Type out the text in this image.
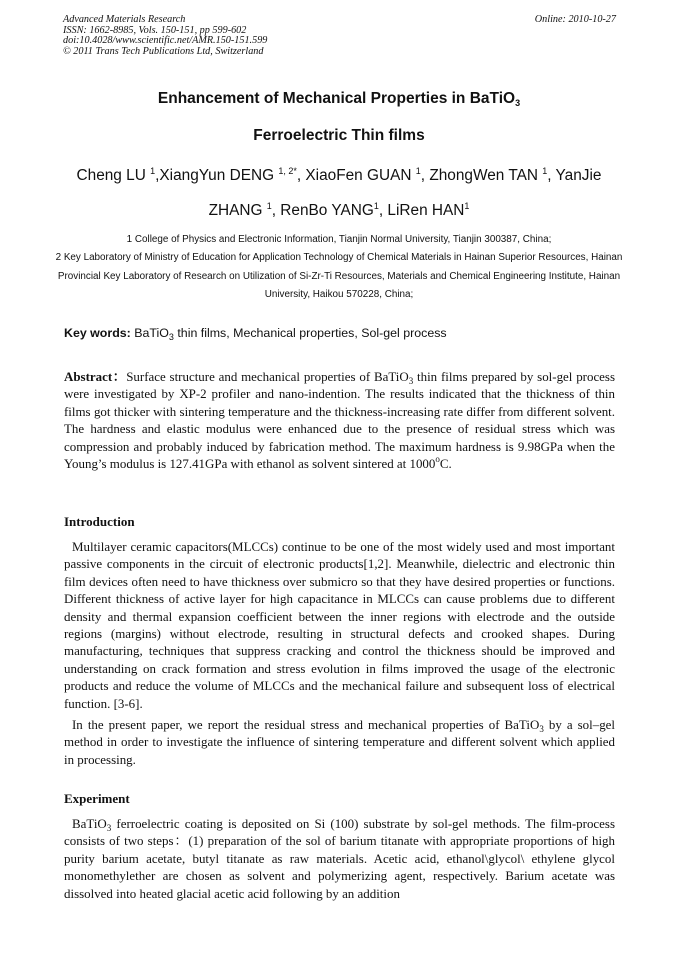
Advanced Materials Research
ISSN: 1662-8985, Vols. 150-151, pp 599-602
doi:10.4028/www.scientific.net/AMR.150-151.599
© 2011 Trans Tech Publications Ltd, Switzerland
Online: 2010-10-27
Enhancement of Mechanical Properties in BaTiO$_3$
Ferroelectric Thin films
Cheng LU $^1$,XiangYun DENG $^{1, 2*}$, XiaoFen GUAN $^1$, ZhongWen TAN $^1$, YanJie
ZHANG $^1$, RenBo YANG$^1$, LiRen HAN$^1$
1 College of Physics and Electronic Information, Tianjin Normal University, Tianjin 300387, China;
2 Key Laboratory of Ministry of Education for Application Technology of Chemical Materials in Hainan Superior Resources, Hainan Provincial Key Laboratory of Research on Utilization of Si-Zr-Ti Resources, Materials and Chemical Engineering Institute, Hainan University, Haikou 570228, China;
Key words: BaTiO$_3$ thin films, Mechanical properties, Sol-gel process
Abstract：Surface structure and mechanical properties of BaTiO$_3$ thin films prepared by sol-gel process were investigated by XP-2 profiler and nano-indention. The results indicated that the thickness of thin films got thicker with sintering temperature and the thickness-increasing rate differ from different solvent. The hardness and elastic modulus were enhanced due to the presence of residual stress which was compression and probably induced by fabrication method. The maximum hardness is 9.98GPa when the Young’s modulus is 127.41GPa with ethanol as solvent sintered at 1000$^o$C.
Introduction
Multilayer ceramic capacitors(MLCCs) continue to be one of the most widely used and most important passive components in the circuit of electronic products[1,2]. Meanwhile, dielectric and electronic thin film devices often need to have thickness over submicro so that they have desired properties or functions. Different thickness of active layer for high capacitance in MLCCs can cause problems due to different density and thermal expansion coefficient between the inner regions with electrode and the outside regions (margins) without electrode, resulting in structural defects and crooked shapes. During manufacturing, techniques that suppress cracking and control the thickness should be improved and understanding on crack formation and stress evolution in films improved the usage of the electronic products and reduce the volume of MLCCs and the mechanical failure and subsequent loss of electrical function. [3-6].
In the present paper, we report the residual stress and mechanical properties of BaTiO$_3$ by a sol–gel method in order to investigate the influence of sintering temperature and different solvent which applied in processing.
Experiment
BaTiO$_3$ ferroelectric coating is deposited on Si (100) substrate by sol-gel methods. The film-process consists of two steps：(1) preparation of the sol of barium titanate with appropriate proportions of high purity barium acetate, butyl titanate as raw materials. Acetic acid, ethanol\glycol\ ethylene glycol monomethylether are chosen as solvent and polymerizing agent, respectively. Barium acetate was dissolved into heated glacial acetic acid following by an addition
